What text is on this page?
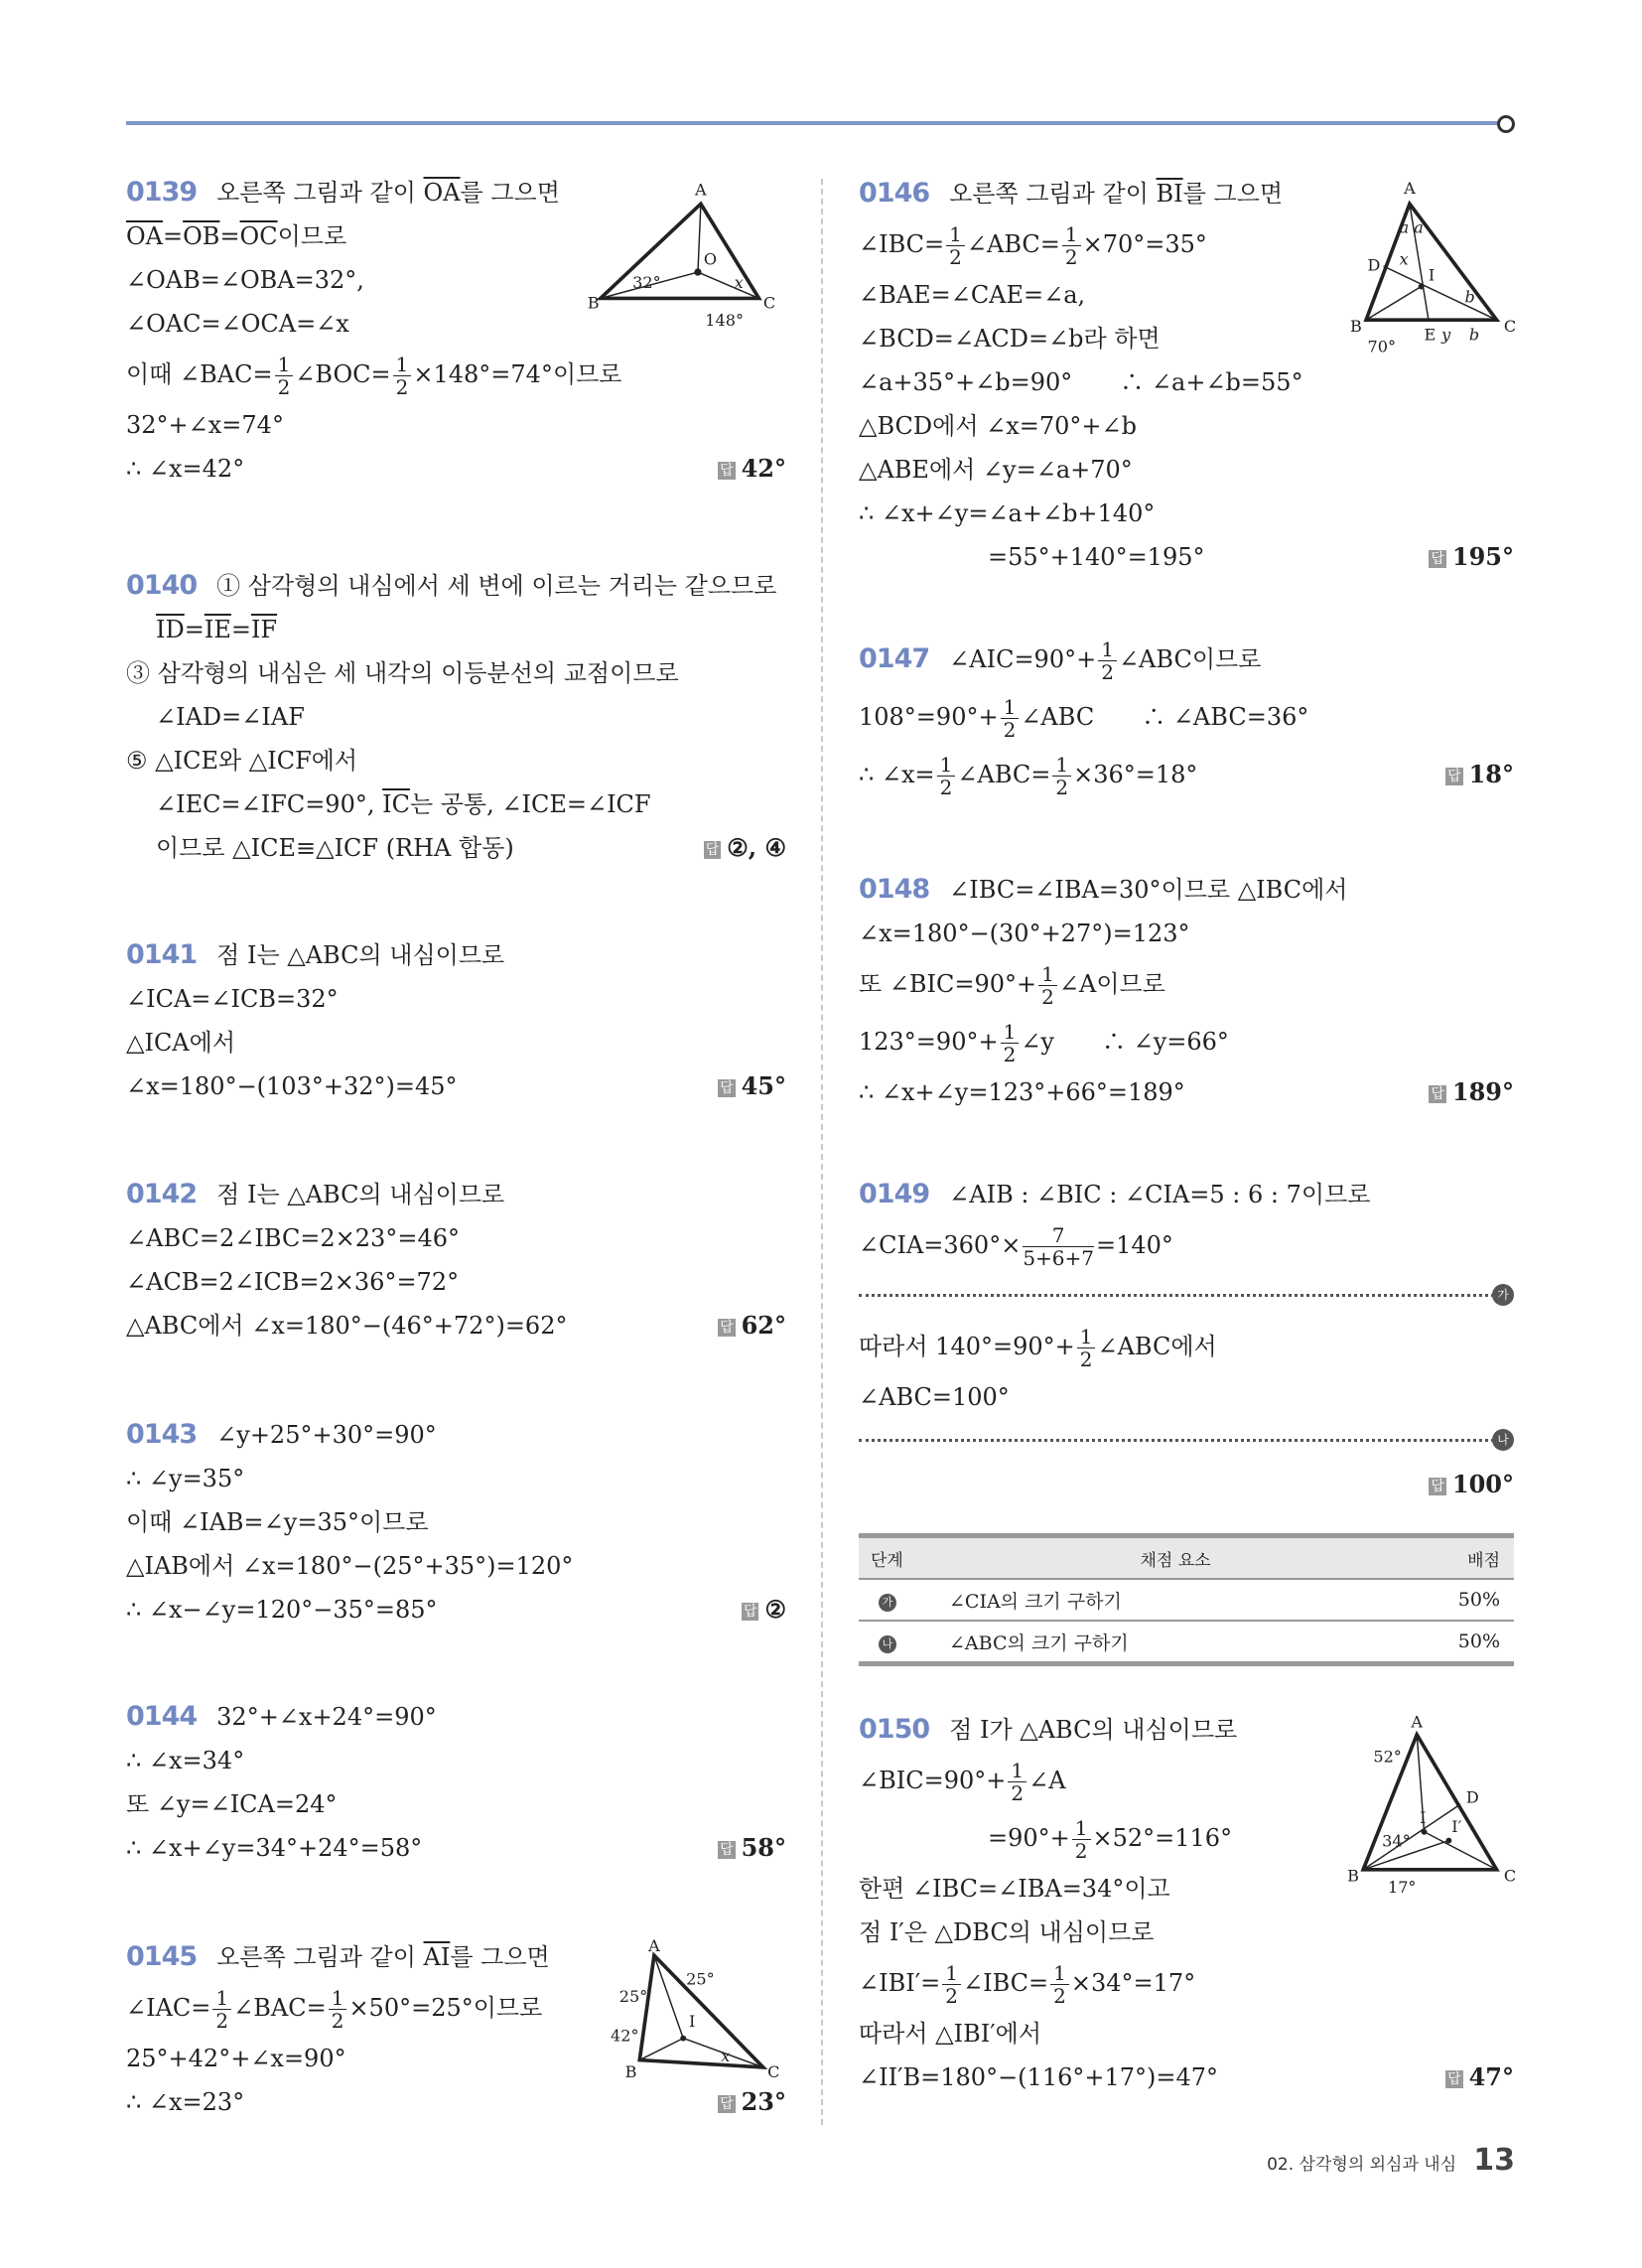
0139 오른쪽 그림과 같이 $\overline{OA}$를 그으면
$\overline{OA}=\overline{OB}=\overline{OC}$이므로
∠OAB=∠OBA=32°,
∠OAC=∠OCA=∠x
이때 ∠BAC= $\frac{1}{2}$ ∠BOC= $\frac{1}{2} \times 148^\circ=74^\circ$이므로
32°+∠x=74°
∴ ∠x=42°	답 42°
0140 ① 삼각형의 내심에서 세 변에 이르는 거리는 같으므로
$\overline{ID}=\overline{IE}=\overline{IF}$
③ 삼각형의 내심은 세 내각의 이등분선의 교점이므로
∠IAD=∠IAF
⑤ △ICE와 △ICF에서
∠IEC=∠IFC=90°, $\overline{IC}$는 공통, ∠ICE=∠ICF
이므로 △ICE≡△ICF (RHA 합동)	답 ②, ④
0141 점 I는 △ABC의 내심이므로
∠ICA=∠ICB=32°
△ICA에서
∠x=180°−(103°+32°)=45°	답 45°
0142 점 I는 △ABC의 내심이므로
∠ABC=2∠IBC=2×23°=46°
∠ACB=2∠ICB=2×36°=72°
△ABC에서 ∠x=180°−(46°+72°)=62°	답 62°
0143 ∠y+25°+30°=90°
∴ ∠y=35°
이때 ∠IAB=∠y=35°이므로
△IAB에서 ∠x=180°−(25°+35°)=120°
∴ ∠x−∠y=120°−35°=85°	답 ②
0144 32°+∠x+24°=90°
∴ ∠x=34°
또 ∠y=∠ICA=24°
∴ ∠x+∠y=34°+24°=58°	답 58°
0145 오른쪽 그림과 같이 $\overline{AI}$를 그으면
∠IAC= $\frac{1}{2}$ ∠BAC= $\frac{1}{2} \times 50^\circ=25^\circ$이므로
25°+42°+∠x=90°
∴ ∠x=23°	답 23°
0146 오른쪽 그림과 같이 $\overline{BI}$를 그으면
∠IBC= $\frac{1}{2}$ ∠ABC= $\frac{1}{2} \times 70^\circ=35^\circ$
∠BAE=∠CAE=∠a,
∠BCD=∠ACD=∠b라 하면
∠a+35°+∠b=90°　　∴ ∠a+∠b=55°
△BCD에서 ∠x=70°+∠b
△ABE에서 ∠y=∠a+70°
∴ ∠x+∠y=∠a+∠b+140°
=55°+140°=195°	답 195°
0147 ∠AIC=90°+ $\frac{1}{2}$ ∠ABC이므로
$108^\circ=90^\circ+ \frac{1}{2}$ ∠ABC　　∴ ∠ABC=36°
∴ ∠x= $\frac{1}{2}$ ∠ABC= $\frac{1}{2} \times 36^\circ=18^\circ$	답 18°
0148 ∠IBC=∠IBA=30°이므로 △IBC에서
∠x=180°−(30°+27°)=123°
또 ∠BIC=90°+ $\frac{1}{2}$ ∠A이므로
$123^\circ=90^\circ+ \frac{1}{2}$ ∠y　　∴ ∠y=66°
∴ ∠x+∠y=123°+66°=189°	답 189°
0149 ∠AIB : ∠BIC : ∠CIA=5 : 6 : 7이므로
∠CIA=360°× $\frac{7}{5+6+7} =140^\circ$
가
따라서 $140^\circ=90^\circ+ \frac{1}{2}$ ∠ABC에서
∠ABC=100°
나
답 100°
0150 점 I가 △ABC의 내심이므로
∠BIC=90°+ $\frac{1}{2}$ ∠A
$=90^\circ+ \frac{1}{2} \times 52^\circ=116^\circ$
한편 ∠IBC=∠IBA=34°이고
점 I′은 △DBC의 내심이므로
∠IBI′= $\frac{1}{2}$ ∠IBC= $\frac{1}{2} \times 34^\circ=17^\circ$
따라서 △IBI′에서
∠II′B=180°−(116°+17°)=47°	답 47°
A
B	C
O
32°	x
148°
A
B	C
D
E
I
a a
x
b
y b
70°
A
B	C
I
25°
25°
42°
x
A
B	C
D
I I′
52°
34°
17°
단계	채점 요소	배점
가	∠CIA의 크기 구하기	50%
나	∠ABC의 크기 구하기	50%
02. 삼각형의 외심과 내심 13
